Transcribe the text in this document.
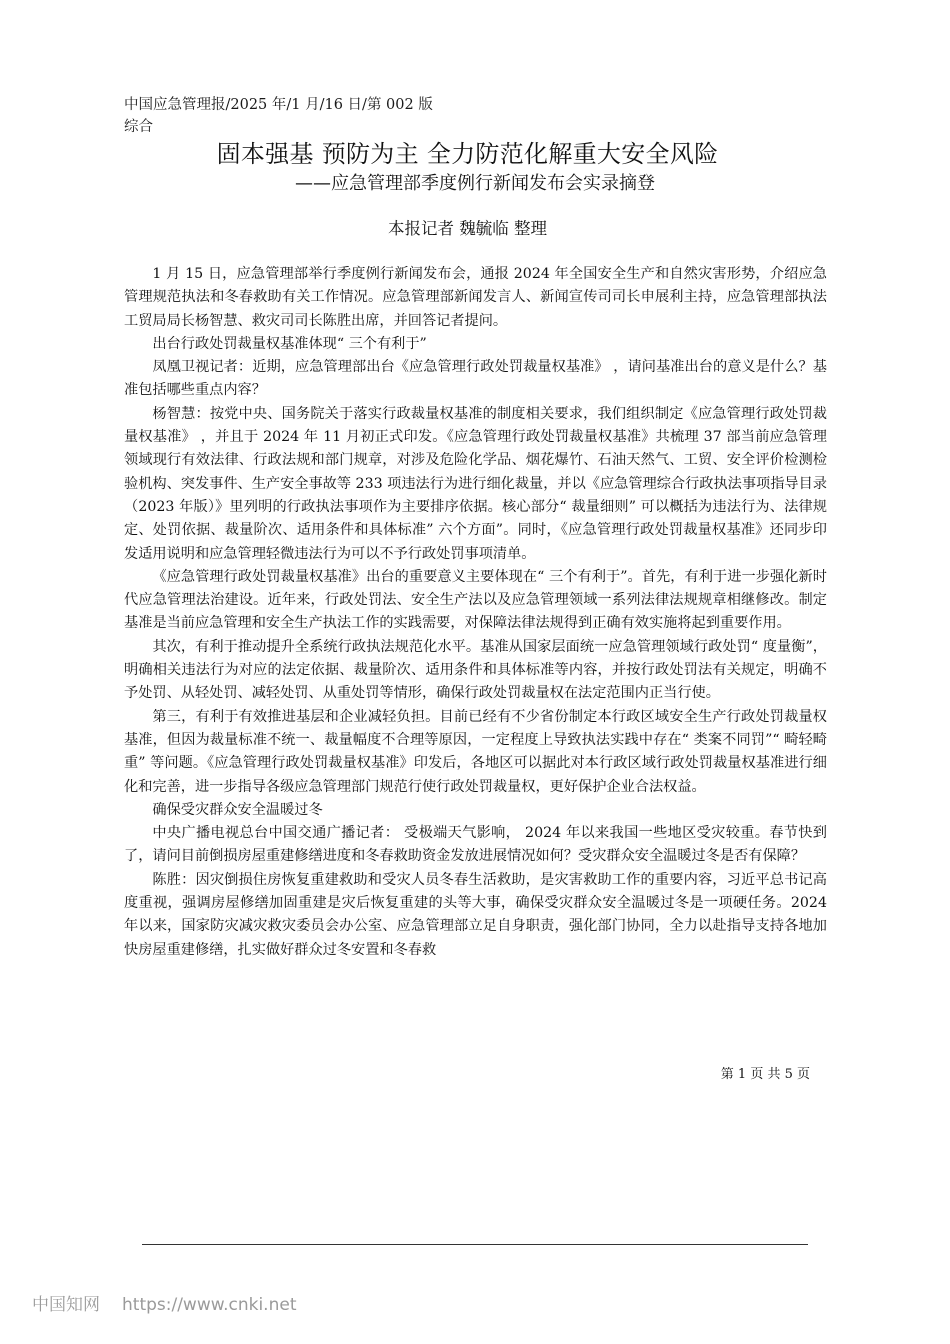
中国应急管理报/2025 年/1 月/16 日/第 002 版综合
固本强基 预防为主 全力防范化解重大安全风险
——应急管理部季度例行新闻发布会实录摘登
本报记者 魏毓临 整理

1 月 15 日，应急管理部举行季度例行新闻发布会，通报 2024 年全国安全生产和自然灾害形势，介绍应急管理规范执法和冬春救助有关工作情况。应急管理部新闻发言人、新闻宣传司司长申展利主持，应急管理部执法工贸局局长杨智慧、救灾司司长陈胜出席，并回答记者提问。

出台行政处罚裁量权基准体现“ 三个有利于”

凤凰卫视记者：近期，应急管理部出台《应急管理行政处罚裁量权基准》 ，请问基准出台的意义是什么？基准包括哪些重点内容？

杨智慧：按党中央、国务院关于落实行政裁量权基准的制度相关要求，我们组织制定《应急管理行政处罚裁量权基准》 ，并且于 2024 年 11 月初正式印发。《应急管理行政处罚裁量权基准》共梳理 37 部当前应急管理领域现行有效法律、行政法规和部门规章，对涉及危险化学品、烟花爆竹、石油天然气、工贸、安全评价检测检验机构、突发事件、生产安全事故等 233 项违法行为进行细化裁量，并以《应急管理综合行政执法事项指导目录（2023 年版）》里列明的行政执法事项作为主要排序依据。核心部分“ 裁量细则” 可以概括为违法行为、法律规定、处罚依据、裁量阶次、适用条件和具体标准” 六个方面”。同时，《应急管理行政处罚裁量权基准》还同步印发适用说明和应急管理轻微违法行为可以不予行政处罚事项清单。

《应急管理行政处罚裁量权基准》出台的重要意义主要体现在“ 三个有利于”。首先，有利于进一步强化新时代应急管理法治建设。近年来，行政处罚法、安全生产法以及应急管理领域一系列法律法规规章相继修改。制定基准是当前应急管理和安全生产执法工作的实践需要，对保障法律法规得到正确有效实施将起到重要作用。

其次，有利于推动提升全系统行政执法规范化水平。基准从国家层面统一应急管理领域行政处罚“ 度量衡”，明确相关违法行为对应的法定依据、裁量阶次、适用条件和具体标准等内容，并按行政处罚法有关规定，明确不予处罚、从轻处罚、减轻处罚、从重处罚等情形，确保行政处罚裁量权在法定范围内正当行使。

第三，有利于有效推进基层和企业减轻负担。目前已经有不少省份制定本行政区域安全生产行政处罚裁量权基准，但因为裁量标准不统一、裁量幅度不合理等原因，一定程度上导致执法实践中存在“ 类案不同罚”“ 畸轻畸重” 等问题。《应急管理行政处罚裁量权基准》印发后，各地区可以据此对本行政区域行政处罚裁量权基准进行细化和完善，进一步指导各级应急管理部门规范行使行政处罚裁量权，更好保护企业合法权益。

确保受灾群众安全温暖过冬

中央广播电视总台中国交通广播记者： 受极端天气影响， 2024 年以来我国一些地区受灾较重。春节快到了，请问目前倒损房屋重建修缮进度和冬春救助资金发放进展情况如何？受灾群众安全温暖过冬是否有保障？

陈胜：因灾倒损住房恢复重建救助和受灾人员冬春生活救助，是灾害救助工作的重要内容，习近平总书记高度重视，强调房屋修缮加固重建是灾后恢复重建的头等大事，确保受灾群众安全温暖过冬是一项硬任务。2024 年以来，国家防灾减灾救灾委员会办公室、应急管理部立足自身职责，强化部门协同，全力以赴指导支持各地加快房屋重建修缮，扎实做好群众过冬安置和冬春救

第 1 页 共 5 页
中国知网 https://www.cnki.net
